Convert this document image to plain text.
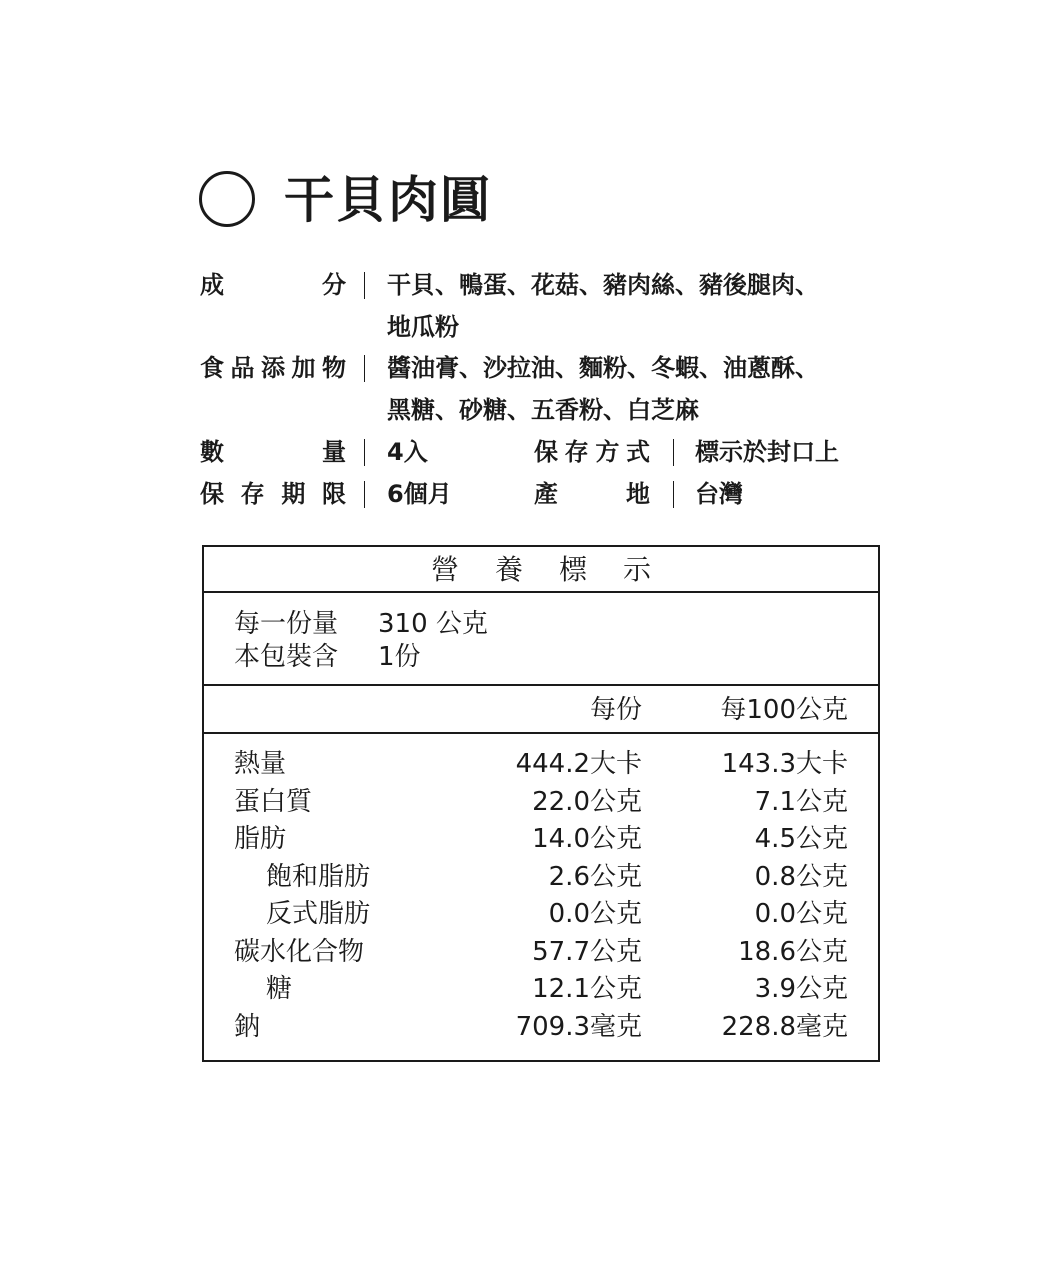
干貝肉圓
成	分 干貝、鴨蛋、花菇、豬肉絲、豬後腿肉、
地瓜粉
食 品 添 加 物 醬油膏、沙拉油、麵粉、冬蝦、油蔥酥、
黑糖、砂糖、五香粉、白芝麻
數	量 4入	保 存 方 式 標示於封口上
保 存 期 限 6個月	產	地 台灣
營養標示
每一份量 310 公克
本包裝含 1份
每份	每100公克
熱量	444.2大卡	143.3大卡
蛋白質	22.0公克	7.1公克
脂肪	14.0公克	4.5公克
飽和脂肪	2.6公克	0.8公克
反式脂肪	0.0公克	0.0公克
碳水化合物	57.7公克	18.6公克
糖	12.1公克	3.9公克
鈉	709.3毫克	228.8毫克
